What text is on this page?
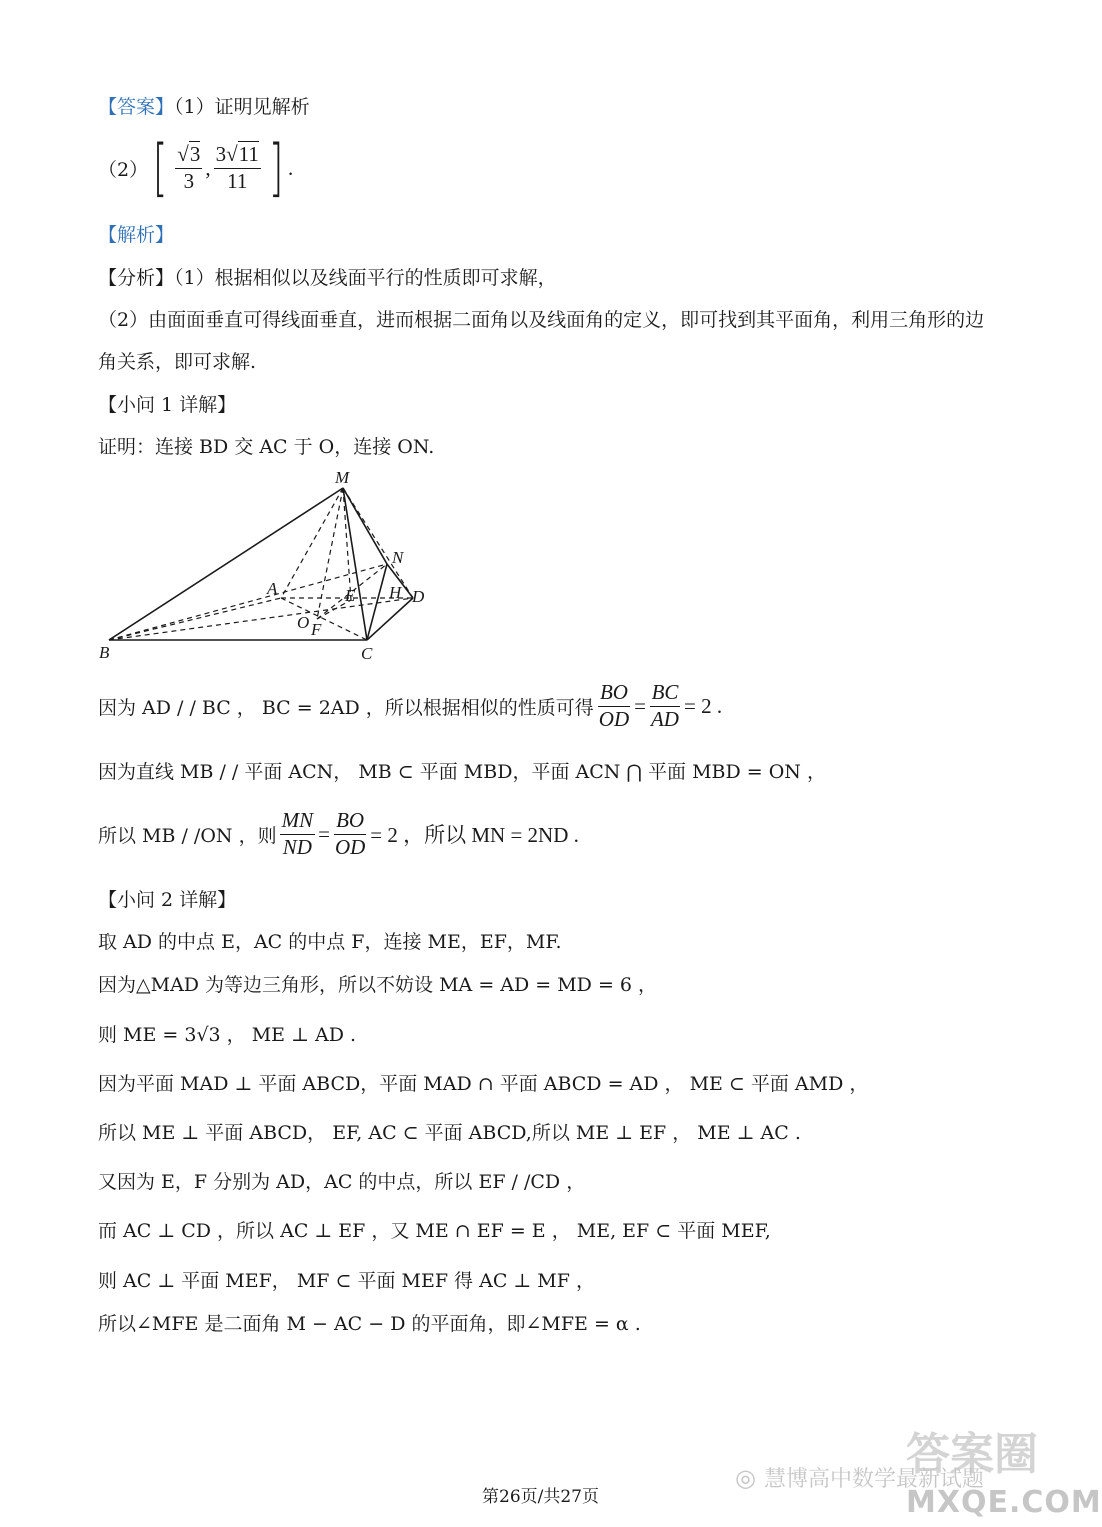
【答案】（1）证明见解析
（2） [ $\frac{√3}{3}$ , $\frac{3√11}{11}$ ] .
【解析】
【分析】（1）根据相似以及线面平行的性质即可求解，
（2）由面面垂直可得线面垂直，进而根据二面角以及线面角的定义，即可找到其平面角，利用三角形的边
角关系，即可求解.
【小问 1 详解】
证明：连接 BD 交 AC 于 O，连接 ON.
M
N
A	E H D
O F
B	C
因为 AD / / BC ， BC = 2AD ，所以根据相似的性质可得 $\frac{BO}{OD} = \frac{BC}{AD} = 2$ .
因为直线 MB / / 平面 ACN， MB ⊂ 平面 MBD，平面 ACN ⋂ 平面 MBD = ON ，
所以 MB / /ON ，则 $\frac{MN}{ND} = \frac{BO}{OD} = 2$ ，所以 MN = 2ND .
【小问 2 详解】
取 AD 的中点 E，AC 的中点 F，连接 ME，EF，MF.
因为△MAD 为等边三角形，所以不妨设 MA = AD = MD = 6 ，
则 ME = 3√3 ， ME ⊥ AD .
因为平面 MAD ⊥ 平面 ABCD，平面 MAD ∩ 平面 ABCD = AD ， ME ⊂ 平面 AMD ，
所以 ME ⊥ 平面 ABCD， EF, AC ⊂ 平面 ABCD,所以 ME ⊥ EF ， ME ⊥ AC .
又因为 E，F 分别为 AD，AC 的中点，所以 EF / /CD ，
而 AC ⊥ CD ，所以 AC ⊥ EF ，又 ME ∩ EF = E ， ME, EF ⊂ 平面 MEF,
则 AC ⊥ 平面 MEF， MF ⊂ 平面 MEF 得 AC ⊥ MF ，
所以∠MFE 是二面角 M − AC − D 的平面角，即∠MFE = α .
答案圈
◎ 慧博高中数学最新试题
MXQE.COM
第26页/共27页
